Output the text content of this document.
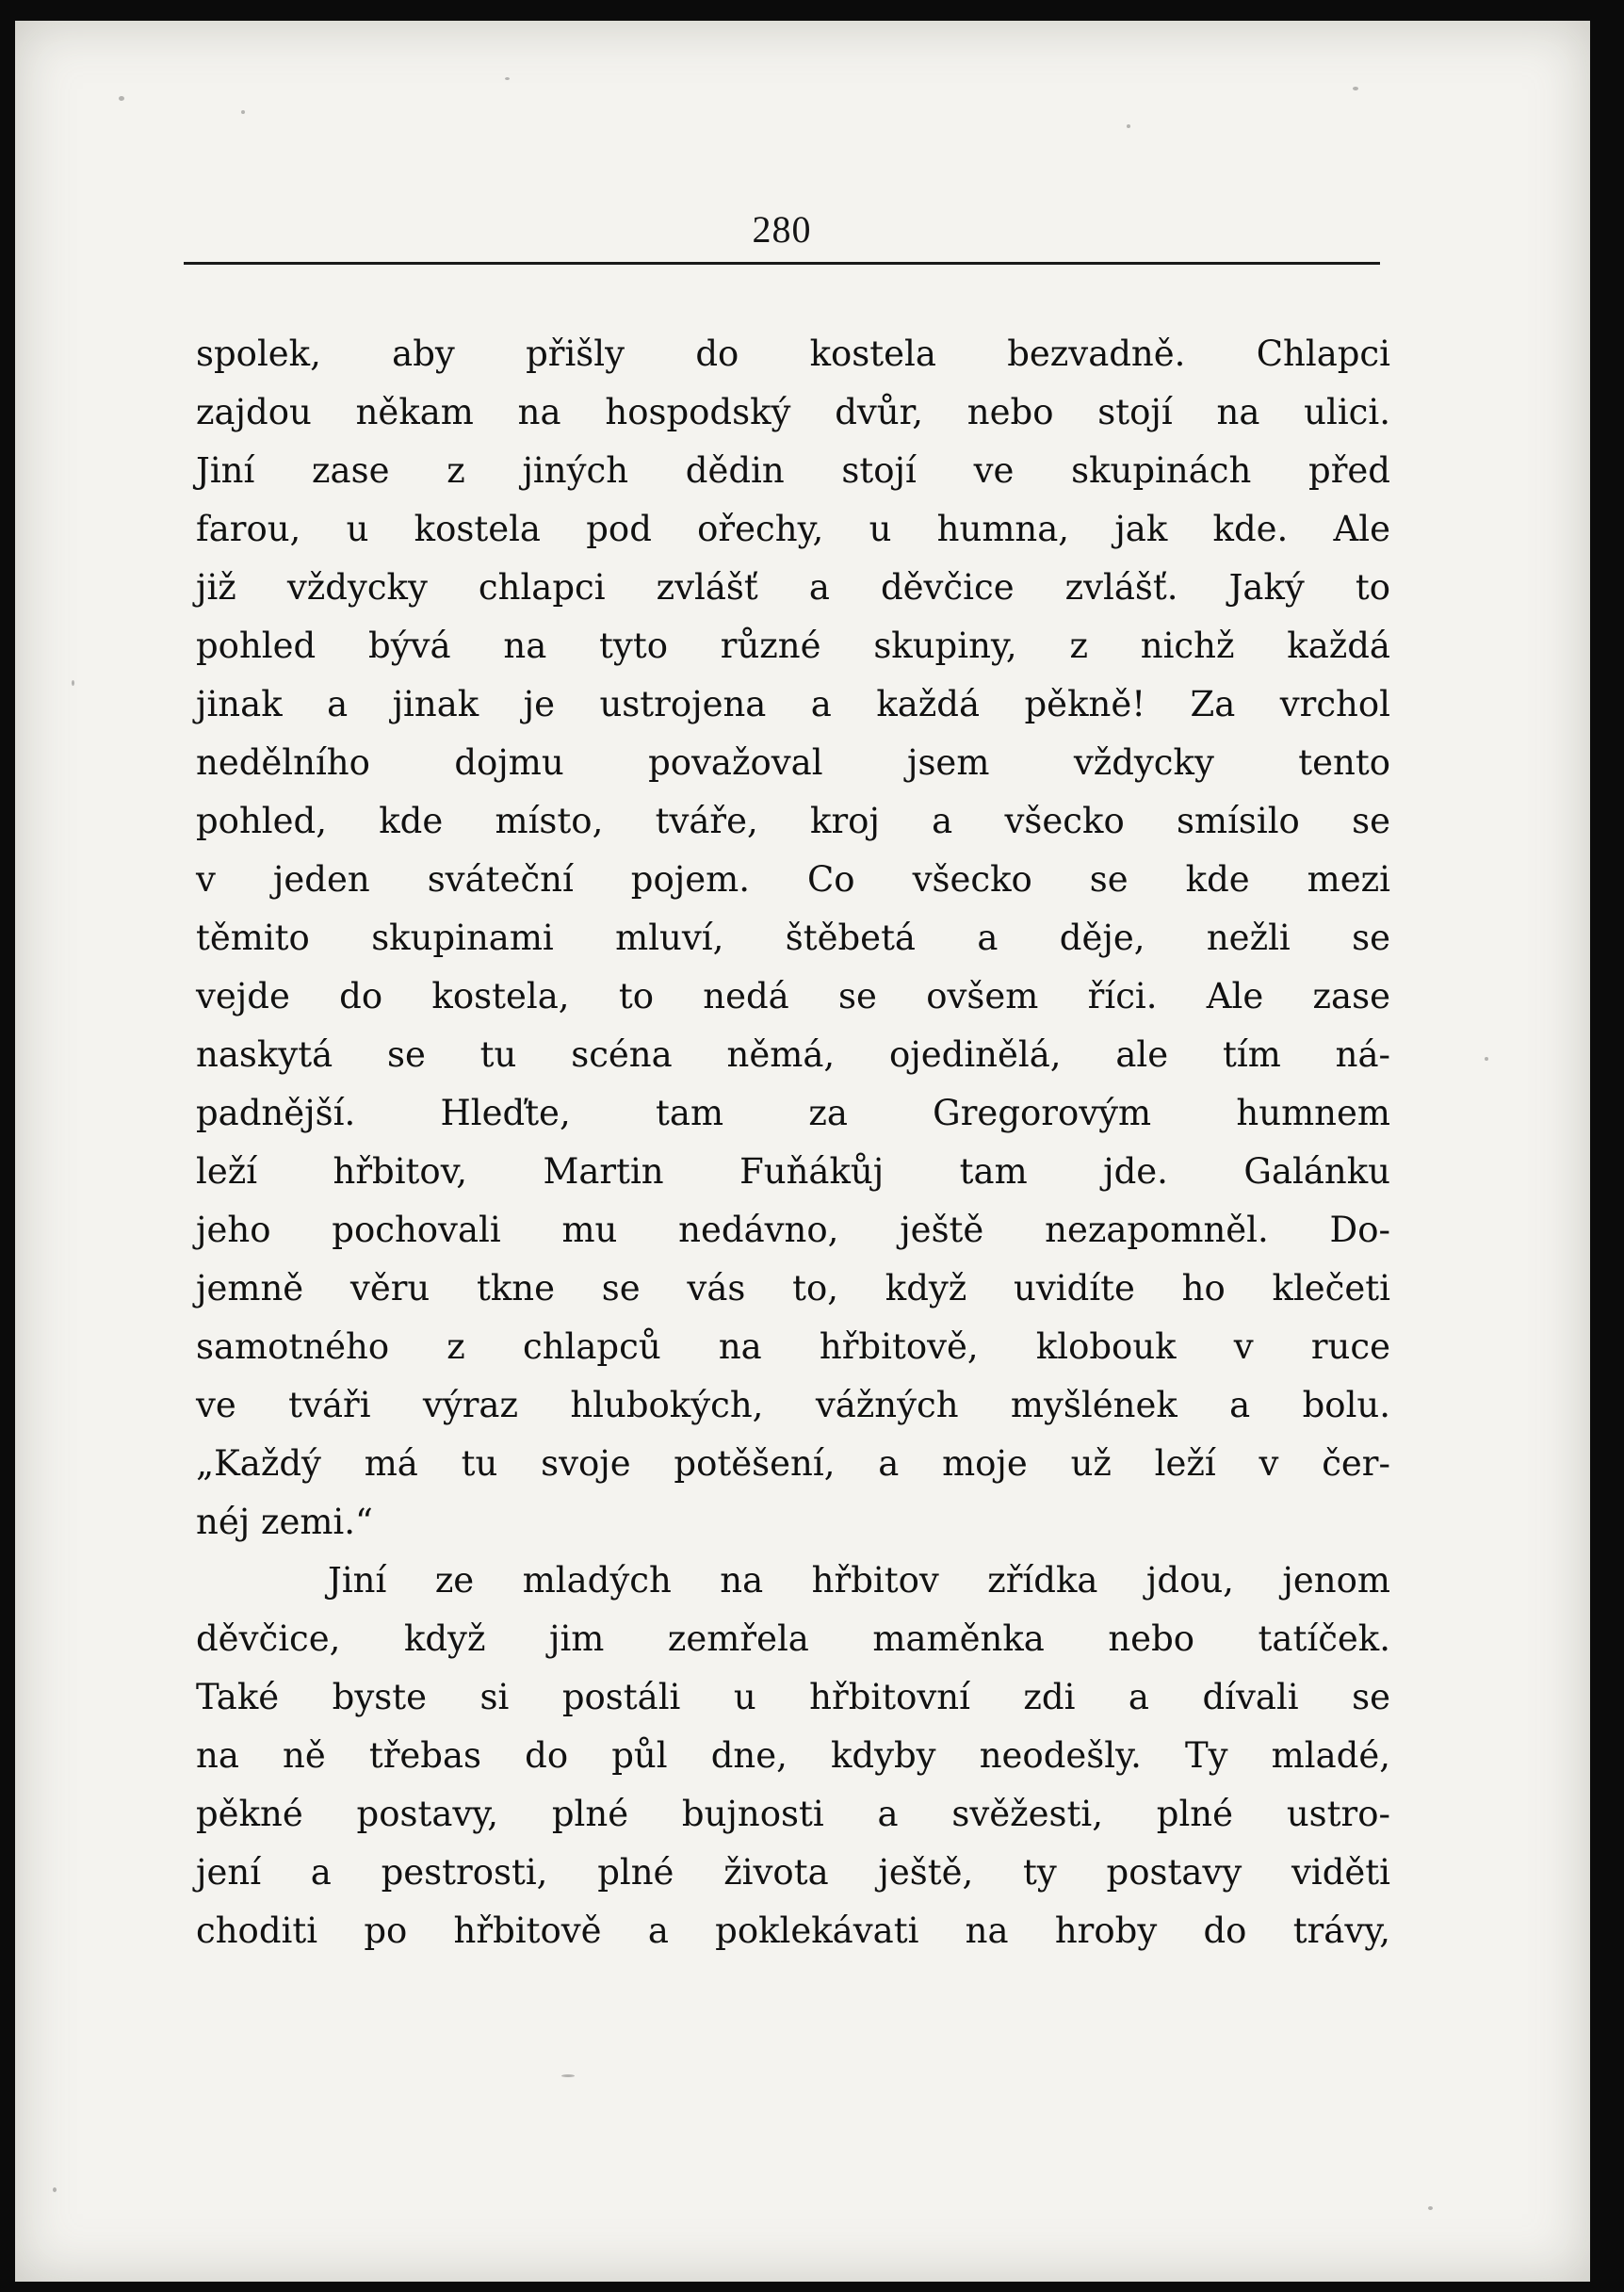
280
spolek, aby přišly do kostela bezvadně. Chlapci
zajdou někam na hospodský dvůr, nebo stojí na ulici.
Jiní zase z jiných dědin stojí ve skupinách před
farou, u kostela pod ořechy, u humna, jak kde. Ale
již vždycky chlapci zvlášť a děvčice zvlášť. Jaký to
pohled bývá na tyto různé skupiny, z nichž každá
jinak a jinak je ustrojena a každá pěkně! Za vrchol
nedělního dojmu považoval jsem vždycky tento
pohled, kde místo, tváře, kroj a všecko smísilo se
v jeden sváteční pojem. Co všecko se kde mezi
těmito skupinami mluví, štěbetá a děje, nežli se
vejde do kostela, to nedá se ovšem říci. Ale zase
naskytá se tu scéna němá, ojedinělá, ale tím ná-
padnější. Hleďte, tam za Gregorovým humnem
leží hřbitov, Martin Fuňákůj tam jde. Galánku
jeho pochovali mu nedávno, ještě nezapomněl. Do-
jemně věru tkne se vás to, když uvidíte ho klečeti
samotného z chlapců na hřbitově, klobouk v ruce
ve tváři výraz hlubokých, vážných myšlének a bolu.
„Každý má tu svoje potěšení, a moje už leží v čer-
néj zemi.“
Jiní ze mladých na hřbitov zřídka jdou, jenom
děvčice, když jim zemřela maměnka nebo tatíček.
Také byste si postáli u hřbitovní zdi a dívali se
na ně třebas do půl dne, kdyby neodešly. Ty mladé,
pěkné postavy, plné bujnosti a svěžesti, plné ustro-
jení a pestrosti, plné života ještě, ty postavy viděti
choditi po hřbitově a poklekávati na hroby do trávy,
